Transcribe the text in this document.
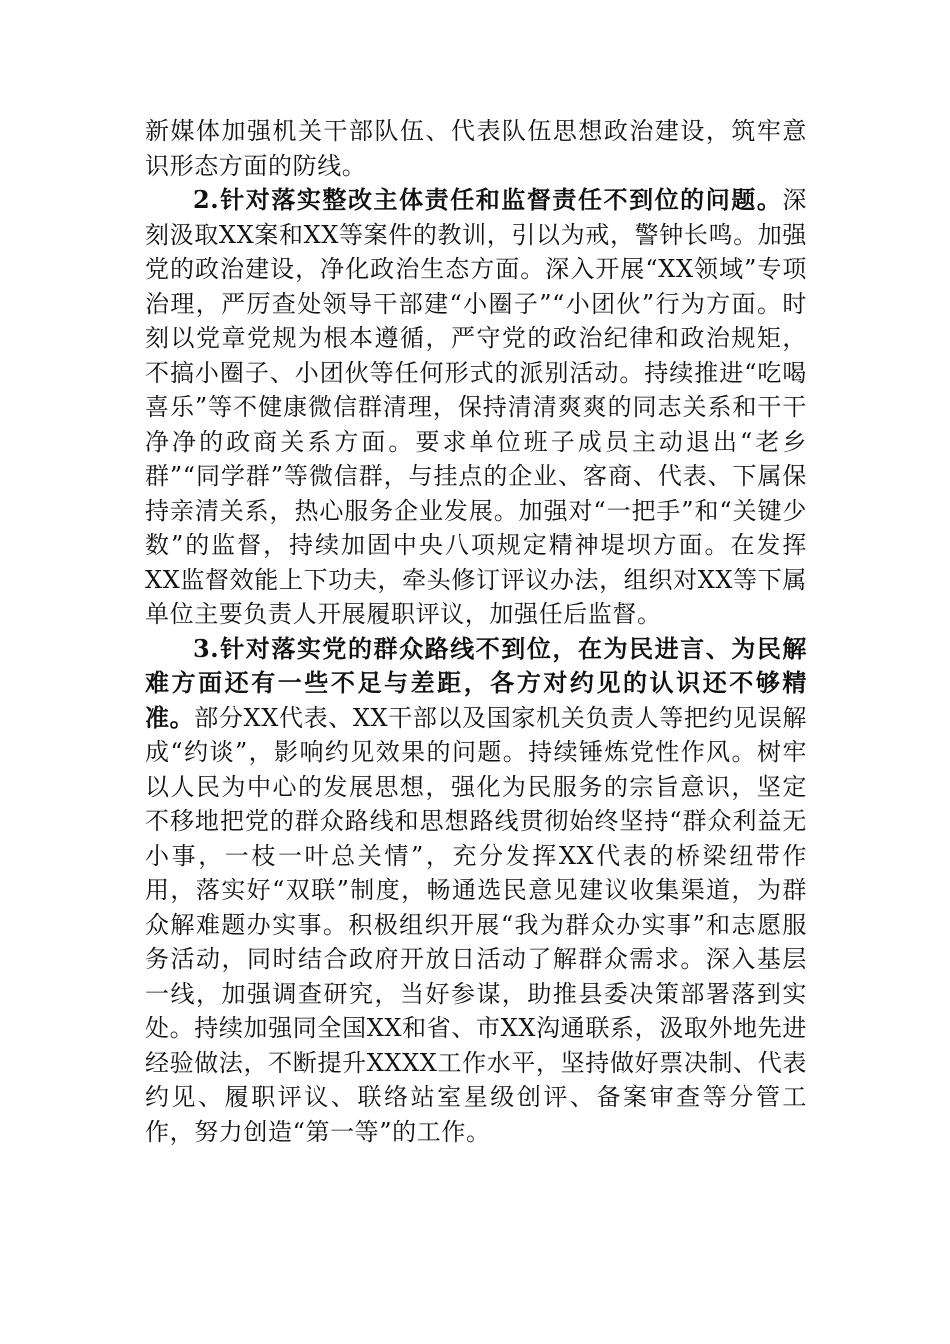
新媒体加强机关干部队伍、代表队伍思想政治建设，筑牢意识形态方面的防线。

2.针对落实整改主体责任和监督责任不到位的问题。深刻汲取XX案和XX等案件的教训，引以为戒，警钟长鸣。加强党的政治建设，净化政治生态方面。深入开展“XX领域”专项治理，严厉查处领导干部建“小圈子”“小团伙”行为方面。时刻以党章党规为根本遵循，严守党的政治纪律和政治规矩，不搞小圈子、小团伙等任何形式的派别活动。持续推进“吃喝喜乐”等不健康微信群清理，保持清清爽爽的同志关系和干干净净的政商关系方面。要求单位班子成员主动退出“老乡群”“同学群”等微信群，与挂点的企业、客商、代表、下属保持亲清关系，热心服务企业发展。加强对“一把手”和“关键少数”的监督，持续加固中央八项规定精神堤坝方面。在发挥XX监督效能上下功夫，牵头修订评议办法，组织对XX等下属单位主要负责人开展履职评议，加强任后监督。

3.针对落实党的群众路线不到位，在为民进言、为民解难方面还有一些不足与差距，各方对约见的认识还不够精准。部分XX代表、XX干部以及国家机关负责人等把约见误解成“约谈”，影响约见效果的问题。持续锤炼党性作风。树牢以人民为中心的发展思想，强化为民服务的宗旨意识，坚定不移地把党的群众路线和思想路线贯彻始终坚持“群众利益无小事，一枝一叶总关情”，充分发挥XX代表的桥梁纽带作用，落实好“双联”制度，畅通选民意见建议收集渠道，为群众解难题办实事。积极组织开展“我为群众办实事”和志愿服务活动，同时结合政府开放日活动了解群众需求。深入基层一线，加强调查研究，当好参谋，助推县委决策部署落到实处。持续加强同全国XX和省、市XX沟通联系，汲取外地先进经验做法，不断提升XXXX工作水平，坚持做好票决制、代表约见、履职评议、联络站室星级创评、备案审查等分管工作，努力创造“第一等”的工作。
